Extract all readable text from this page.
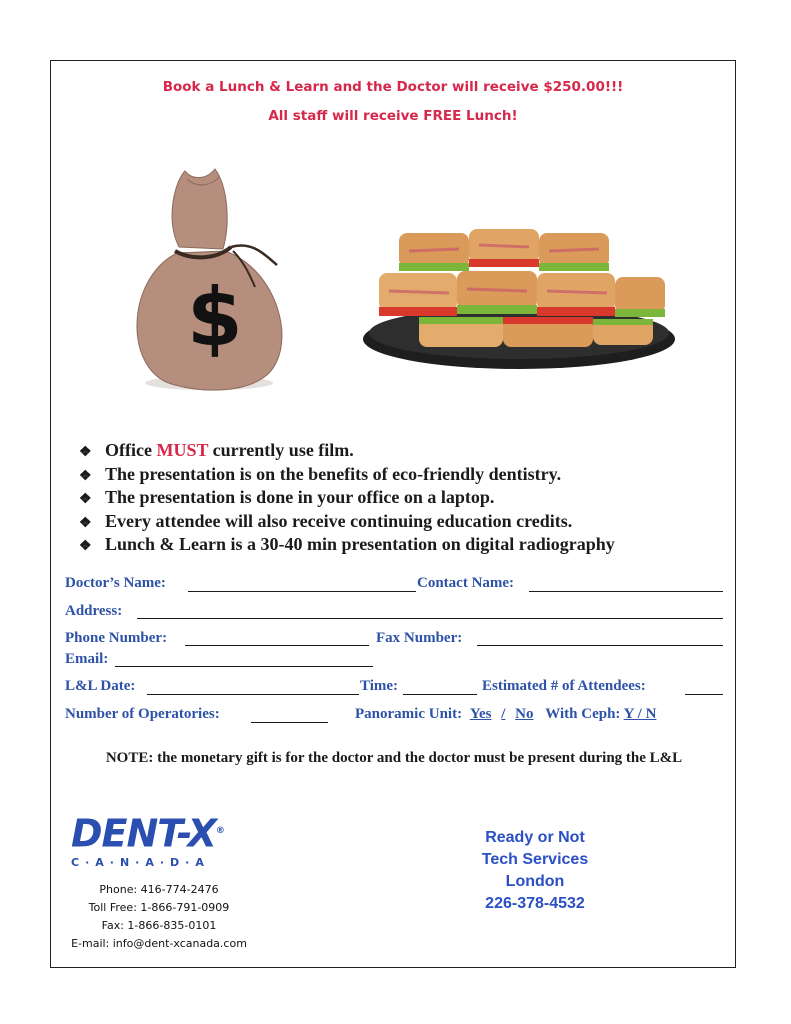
Book a Lunch & Learn and the Doctor will receive $250.00!!!
All staff will receive FREE Lunch!
$
❖ Office MUST currently use film.
❖ The presentation is on the benefits of eco-friendly dentistry.
❖ The presentation is done in your office on a laptop.
❖ Every attendee will also receive continuing education credits.
❖ Lunch & Learn is a 30-40 min presentation on digital radiography
Doctor’s Name:	Contact Name:
Address:
Phone Number:	Fax Number:
Email:
L&L Date:	Time:	Estimated # of Attendees:
Number of Operatories:	Panoramic Unit: Yes / No With Ceph: Y / N
NOTE: the monetary gift is for the doctor and the doctor must be present during the L&L
DENT-X®
C·A·N·A·D·A
Phone: 416-774-2476
Toll Free: 1-866-791-0909
Fax: 1-866-835-0101
E-mail: info@dent-xcanada.com
Ready or Not
Tech Services
London
226-378-4532
